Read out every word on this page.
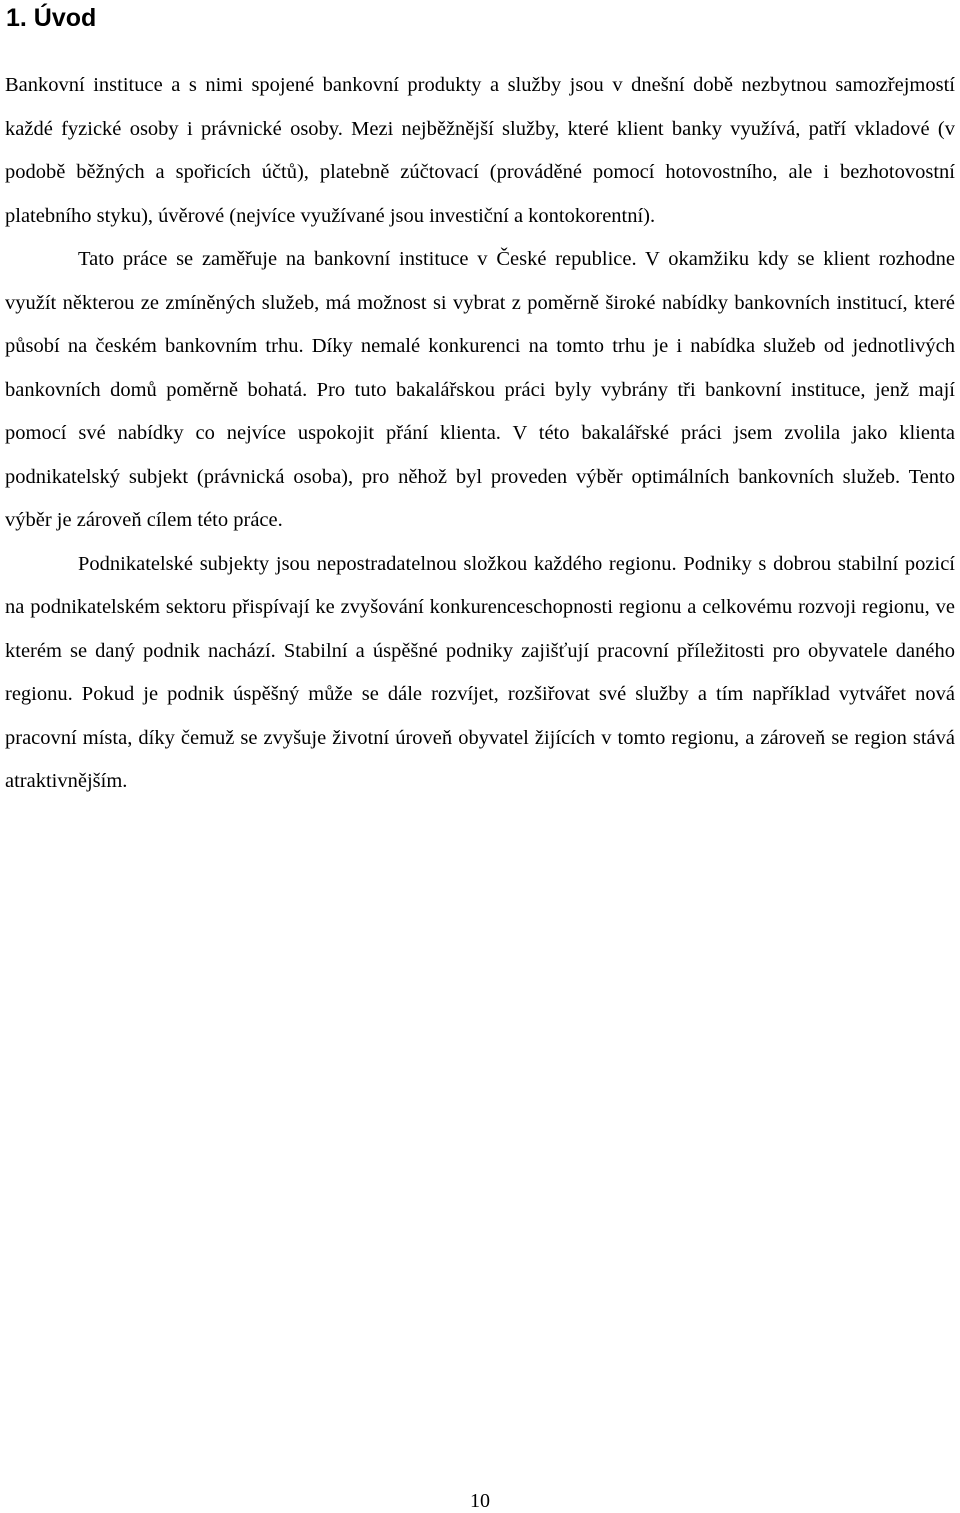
1. Úvod

Bankovní instituce a s nimi spojené bankovní produkty a služby jsou v dnešní době nezbytnou samozřejmostí každé fyzické osoby i právnické osoby. Mezi nejběžnější služby, které klient banky využívá, patří vkladové (v podobě běžných a spořicích účtů), platebně zúčtovací (prováděné pomocí hotovostního, ale i bezhotovostní platebního styku), úvěrové (nejvíce využívané jsou investiční a kontokorentní).

Tato práce se zaměřuje na bankovní instituce v České republice. V okamžiku kdy se klient rozhodne využít některou ze zmíněných služeb, má možnost si vybrat z poměrně široké nabídky bankovních institucí, které působí na českém bankovním trhu. Díky nemalé konkurenci na tomto trhu je i nabídka služeb od jednotlivých bankovních domů poměrně bohatá. Pro tuto bakalářskou práci byly vybrány tři bankovní instituce, jenž mají pomocí své nabídky co nejvíce uspokojit přání klienta. V této bakalářské práci jsem zvolila jako klienta podnikatelský subjekt (právnická osoba), pro něhož byl proveden výběr optimálních bankovních služeb. Tento výběr je zároveň cílem této práce.

Podnikatelské subjekty jsou nepostradatelnou složkou každého regionu. Podniky s dobrou stabilní pozicí na podnikatelském sektoru přispívají ke zvyšování konkurenceschopnosti regionu a celkovému rozvoji regionu, ve kterém se daný podnik nachází. Stabilní a úspěšné podniky zajišťují pracovní příležitosti pro obyvatele daného regionu. Pokud je podnik úspěšný může se dále rozvíjet, rozšiřovat své služby a tím například vytvářet nová pracovní místa, díky čemuž se zvyšuje životní úroveň obyvatel žijících v tomto regionu, a zároveň se region stává atraktivnějším.

10
